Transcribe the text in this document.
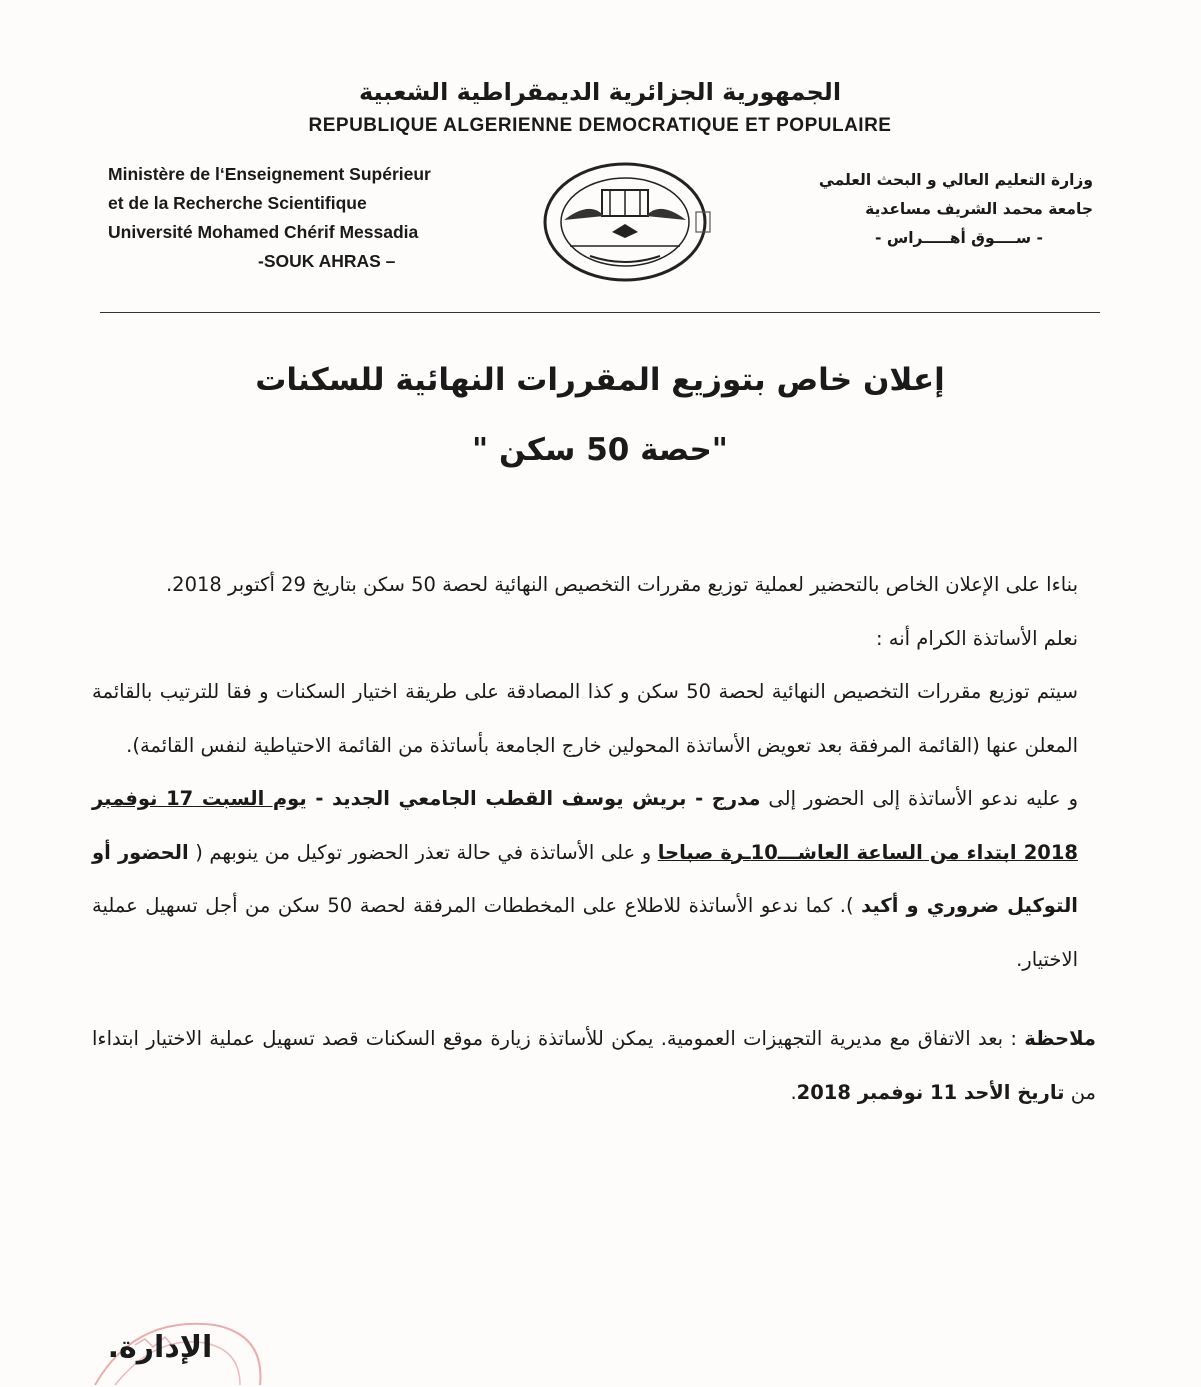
الجمهورية الجزائرية الديمقراطية الشعبية
REPUBLIQUE ALGERIENNE DEMOCRATIQUE ET POPULAIRE
Ministère de l‘Enseignement Supérieur
et de la Recherche Scientifique
Université Mohamed Chérif Messadia

-SOUK AHRAS –
وزارة التعليم العالي و البحث العلمي
جامعة محمد الشريف مساعدية

- ســــوق أهـــــراس -
إعلان خاص بتوزيع المقررات النهائية للسكنات
"حصة 50 سكن "

بناءا على الإعلان الخاص بالتحضير لعملية توزيع مقررات التخصيص النهائية لحصة 50 سكن بتاريخ 29 أكتوبر 2018.

نعلم الأساتذة الكرام أنه :

سيتم توزيع مقررات التخصيص النهائية لحصة 50 سكن و كذا المصادقة على طريقة اختيار السكنات و فقا للترتيب بالقائمة المعلن عنها (القائمة المرفقة بعد تعويض الأساتذة المحولين خارج الجامعة بأساتذة من القائمة الاحتياطية لنفس القائمة).

و عليه ندعو الأساتذة إلى الحضور إلى مدرج - بريش يوسف القطب الجامعي الجديد - يوم السبت 17 نوفمبر 2018 ابتداء من الساعة العاشـــ10ـرة صباحا و على الأساتذة في حالة تعذر الحضور توكيل من ينوبهم ( الحضور أو التوكيل ضروري و أكيد ). كما ندعو الأساتذة للاطلاع على المخططات المرفقة لحصة 50 سكن من أجل تسهيل عملية الاختيار.

ملاحظة : بعد الاتفاق مع مديرية التجهيزات العمومية. يمكن للأساتذة زيارة موقع السكنات قصد تسهيل عملية الاختيار ابتداءا من تاريخ الأحد 11 نوفمبر 2018.

الإدارة.
